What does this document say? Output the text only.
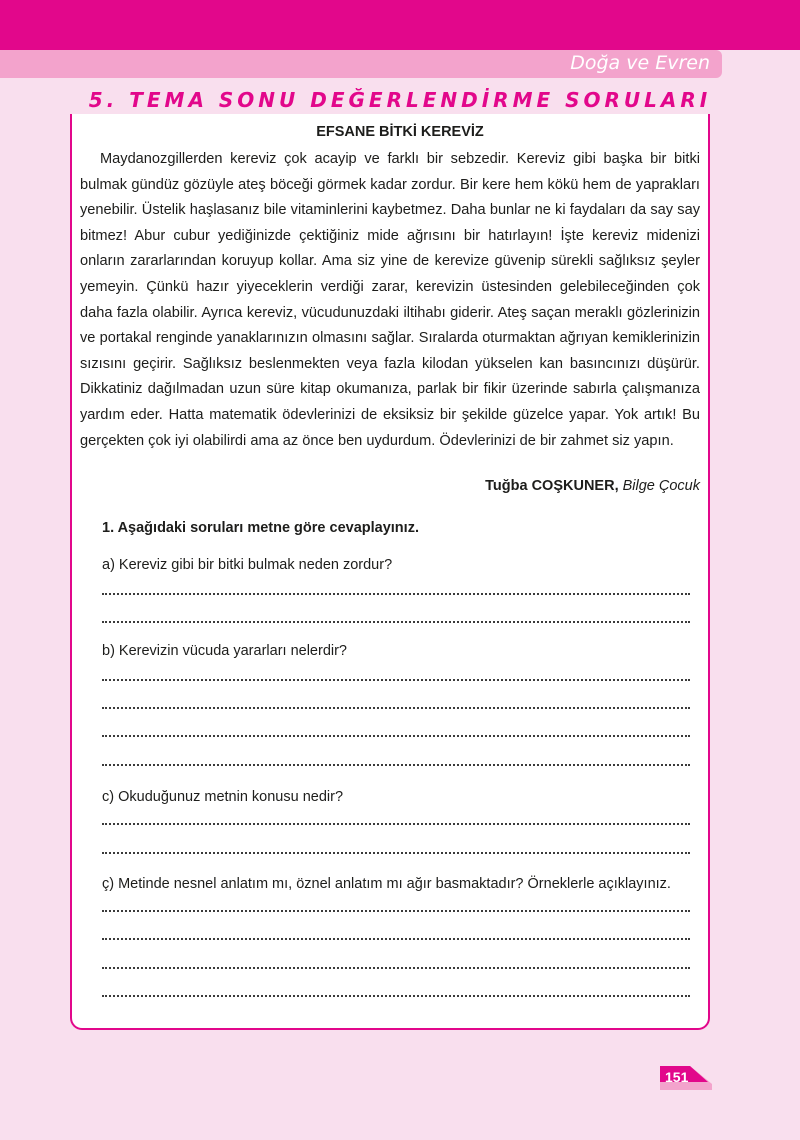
Doğa ve Evren
5. TEMA SONU DEĞERLENDİRME SORULARI
EFSANE BİTKİ KEREVİZ

Maydanozgillerden kereviz çok acayip ve farklı bir sebzedir. Kereviz gibi başka bir bitki bulmak gündüz gözüyle ateş böceği görmek kadar zordur. Bir kere hem kökü hem de yaprakları yenebilir. Üstelik haşlasanız bile vitaminlerini kaybetmez. Daha bunlar ne ki faydaları da say say bitmez! Abur cubur yediğinizde çektiğiniz mide ağrısını bir hatırlayın! İşte kereviz midenizi onların zararlarından koruyup kollar. Ama siz yine de kerevize güvenip sürekli sağlıksız şeyler yemeyin. Çünkü hazır yiyeceklerin verdiği zarar, kerevizin üstesinden gelebileceğinden çok daha fazla olabilir. Ayrıca kereviz, vücudunuzdaki iltihabı giderir. Ateş saçan meraklı gözlerinizin ve portakal renginde yanaklarınızın olmasını sağlar. Sıralarda oturmaktan ağrıyan kemiklerinizin sızısını geçirir. Sağlıksız beslenmekten veya fazla kilodan yükselen kan basıncınızı düşürür. Dikkatiniz dağılmadan uzun süre kitap okumanıza, parlak bir fikir üzerinde sabırla çalışmanıza yardım eder. Hatta matematik ödevlerinizi de eksiksiz bir şekilde güzelce yapar. Yok artık! Bu gerçekten çok iyi olabilirdi ama az önce ben uydurdum. Ödevlerinizi de bir zahmet siz yapın.

Tuğba COŞKUNER, Bilge Çocuk
1. Aşağıdaki soruları metne göre cevaplayınız.
a) Kereviz gibi bir bitki bulmak neden zordur?
b) Kerevizin vücuda yararları nelerdir?
c) Okuduğunuz metnin konusu nedir?
ç) Metinde nesnel anlatım mı, öznel anlatım mı ağır basmaktadır? Örneklerle açıklayınız.
151
